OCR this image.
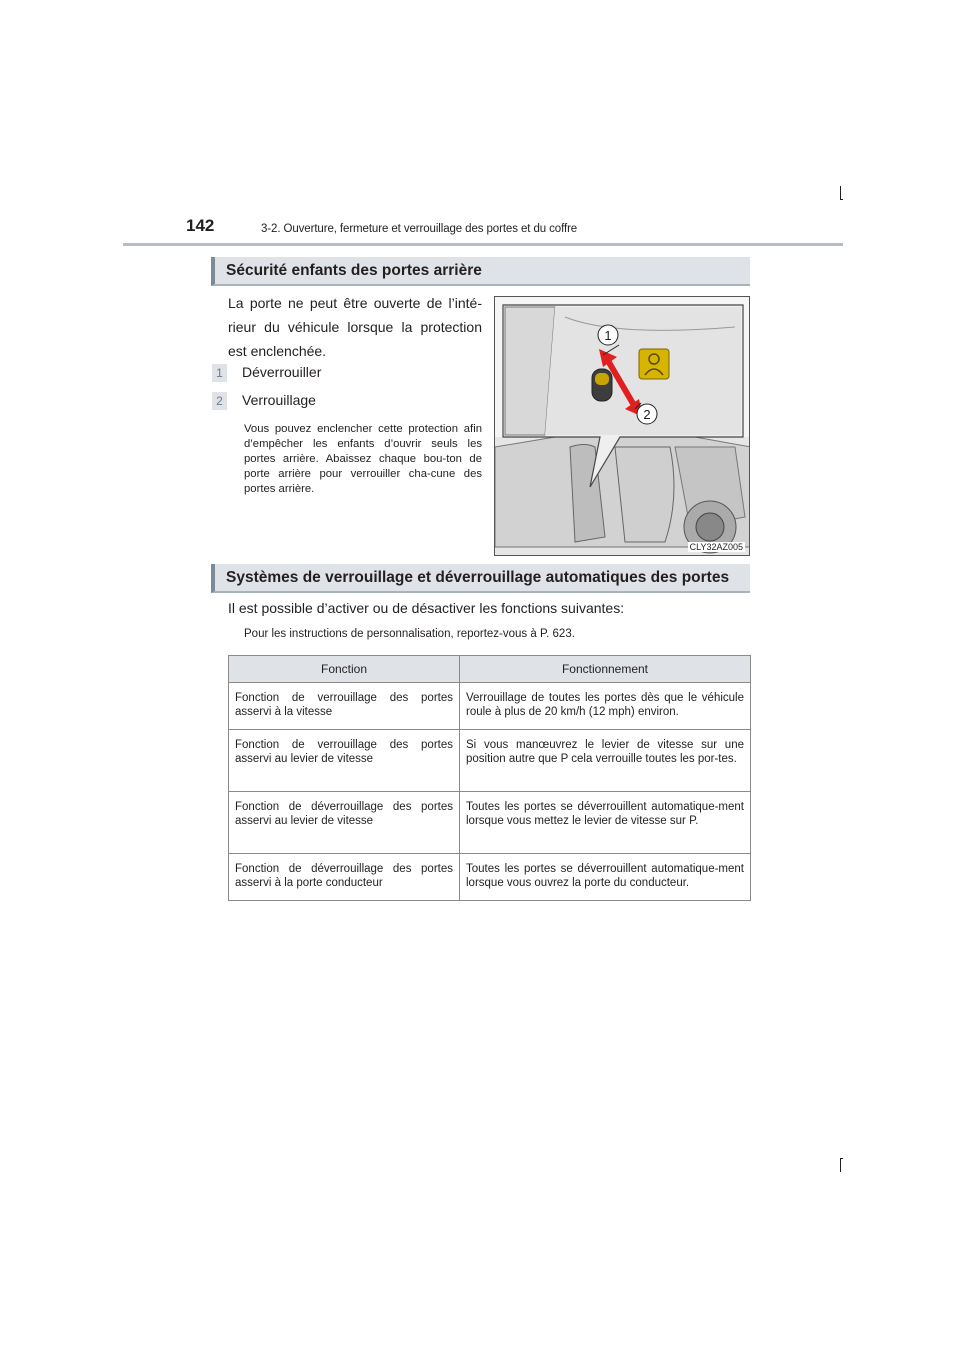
142	3-2. Ouverture, fermeture et verrouillage des portes et du coffre
Sécurité enfants des portes arrière
La porte ne peut être ouverte de l’inté-rieur du véhicule lorsque la protection est enclenchée.
1 Déverrouiller
2 Verrouillage
Vous pouvez enclencher cette protection afin d’empêcher les enfants d’ouvrir seuls les portes arrière. Abaissez chaque bou-ton de porte arrière pour verrouiller cha-cune des portes arrière.
1
2
CLY32AZ005
Systèmes de verrouillage et déverrouillage automatiques des portes
Il est possible d’activer ou de désactiver les fonctions suivantes:
Pour les instructions de personnalisation, reportez-vous à P. 623.
Fonction	Fonctionnement
Fonction de verrouillage des portes asservi à la vitesse	Verrouillage de toutes les portes dès que le véhicule roule à plus de 20 km/h (12 mph) environ.
Fonction de verrouillage des portes asservi au levier de vitesse	Si vous manœuvrez le levier de vitesse sur une position autre que P cela verrouille toutes les por-tes.
Fonction de déverrouillage des portes asservi au levier de vitesse	Toutes les portes se déverrouillent automatique-ment lorsque vous mettez le levier de vitesse sur P.
Fonction de déverrouillage des portes asservi à la porte conducteur	Toutes les portes se déverrouillent automatique-ment lorsque vous ouvrez la porte du conducteur.
